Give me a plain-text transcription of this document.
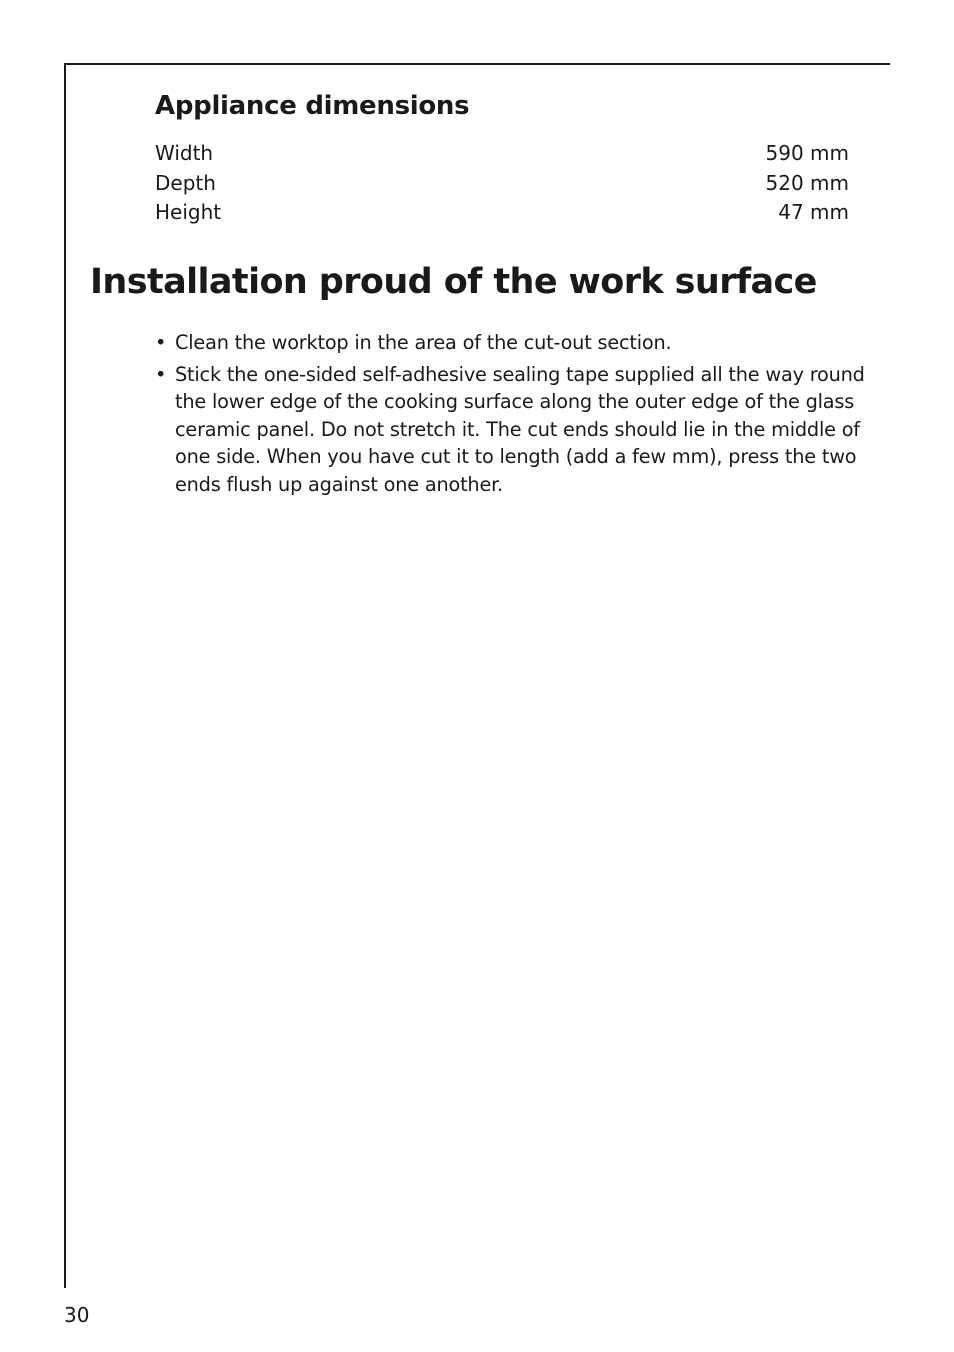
Appliance dimensions
Width	590 mm
Depth	520 mm
Height	47 mm
Installation proud of the work surface
• Clean the worktop in the area of the cut-out section.
• Stick the one-sided self-adhesive sealing tape supplied all the way round the lower edge of the cooking surface along the outer edge of the glass ceramic panel. Do not stretch it. The cut ends should lie in the middle of one side. When you have cut it to length (add a few mm), press the two ends flush up against one another.
30
